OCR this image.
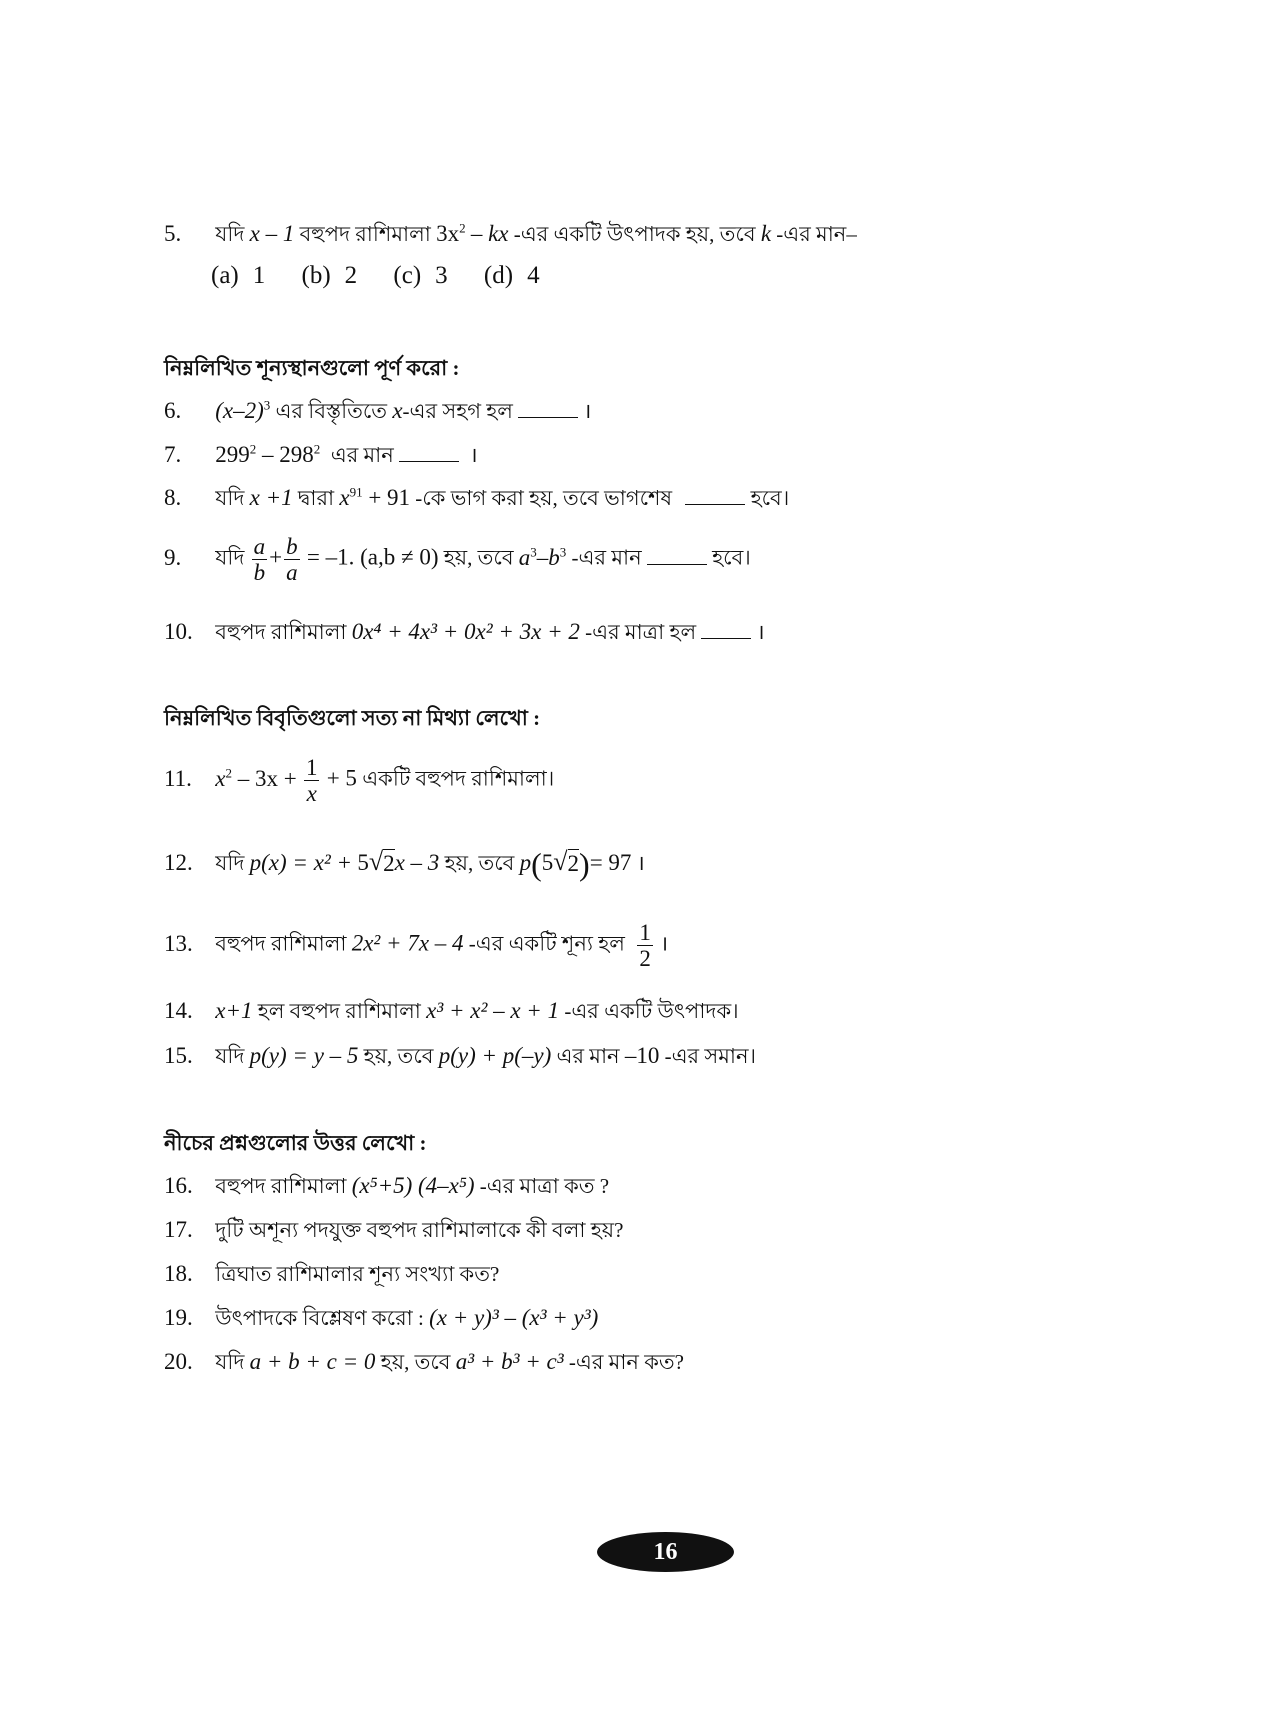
5. যদি x – 1 বহুপদ রাশিমালা $3x^2$ – kx -এর একটি উৎপাদক হয়, তবে k -এর মান–
(a) 1 (b) 2 (c) 3 (d) 4
নিম্নলিখিত শূন্যস্থানগুলো পূর্ণ করো :
6. $(x-2)^3$ এর বিস্তৃতিতে x-এর সহগ হল	।
7. $299^2 - 298^2$ এর মান	।
8. যদি x +1 দ্বারা $x^{91} + 91$ -কে ভাগ করা হয়, তবে ভাগশেষ	হবে।
9. যদি $\frac{a}{b} + \frac{b}{a} = -1$. (a,b ≠ 0) হয়, তবে $a^3-b^3$ -এর মান	হবে।
10. বহুপদ রাশিমালা 0x⁴ + 4x³ + 0x² + 3x + 2 -এর মাত্রা হল	।
নিম্নলিখিত বিবৃতিগুলো সত্য না মিথ্যা লেখো :
11. $x^2 - 3x + \frac{1}{x} + 5$ একটি বহুপদ রাশিমালা।
12. যদি p(x) = x² + 5 √ 2 x – 3 হয়, তবে p(5 √ 2 )= 97 ।
13. বহুপদ রাশিমালা 2x² + 7x – 4 -এর একটি শূন্য হল $\frac{1}{2}$ ।
14. x+1 হল বহুপদ রাশিমালা x³ + x² – x + 1 -এর একটি উৎপাদক।
15. যদি p(y) = y – 5 হয়, তবে p(y) + p(–y) এর মান –10 -এর সমান।
নীচের প্রশ্নগুলোর উত্তর লেখো :
16. বহুপদ রাশিমালা (x⁵+5) (4–x⁵) -এর মাত্রা কত ?
17. দুটি অশূন্য পদযুক্ত বহুপদ রাশিমালাকে কী বলা হয়?
18. ত্রিঘাত রাশিমালার শূন্য সংখ্যা কত?
19. উৎপাদকে বিশ্লেষণ করো : (x + y)³ – (x³ + y³)
20. যদি a + b + c = 0 হয়, তবে a³ + b³ + c³ -এর মান কত?
16
